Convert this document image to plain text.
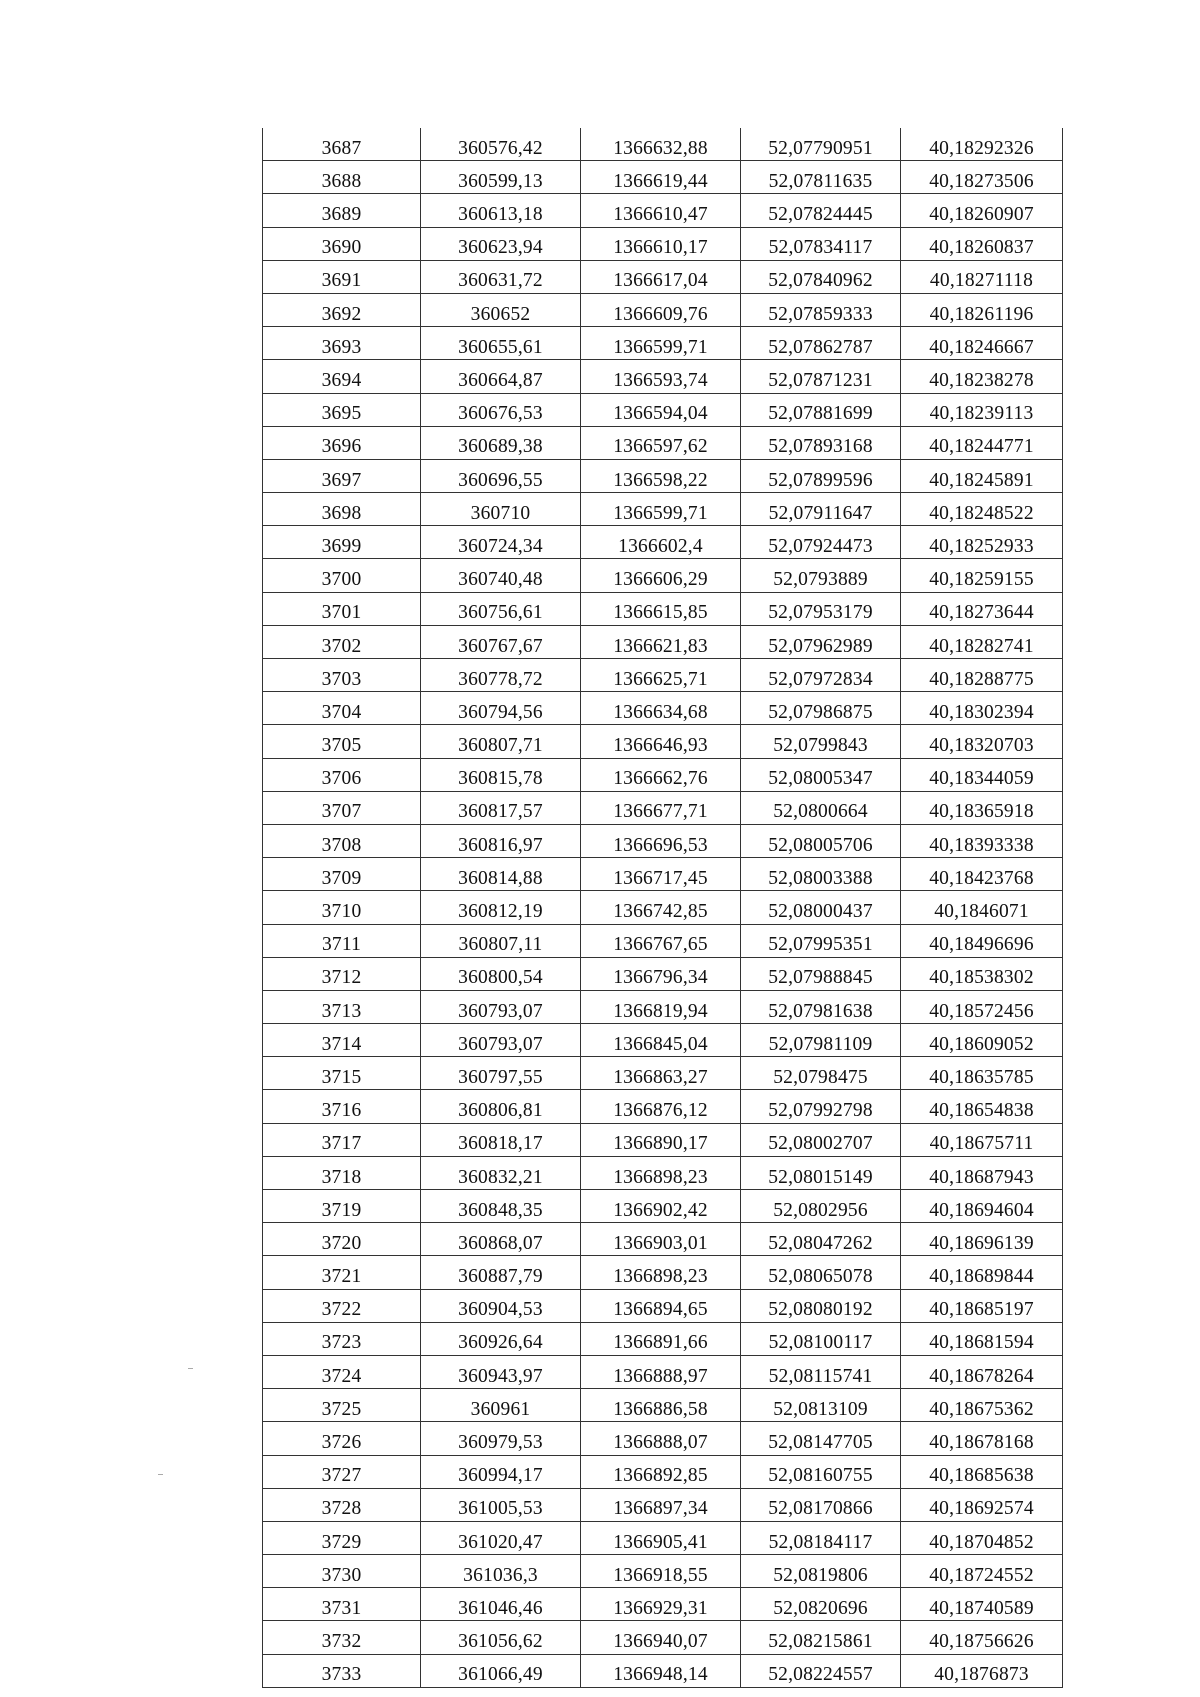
3687	360576,42	1366632,88	52,07790951	40,18292326
3688	360599,13	1366619,44	52,07811635	40,18273506
3689	360613,18	1366610,47	52,07824445	40,18260907
3690	360623,94	1366610,17	52,07834117	40,18260837
3691	360631,72	1366617,04	52,07840962	40,18271118
3692	360652	1366609,76	52,07859333	40,18261196
3693	360655,61	1366599,71	52,07862787	40,18246667
3694	360664,87	1366593,74	52,07871231	40,18238278
3695	360676,53	1366594,04	52,07881699	40,18239113
3696	360689,38	1366597,62	52,07893168	40,18244771
3697	360696,55	1366598,22	52,07899596	40,18245891
3698	360710	1366599,71	52,07911647	40,18248522
3699	360724,34	1366602,4	52,07924473	40,18252933
3700	360740,48	1366606,29	52,0793889	40,18259155
3701	360756,61	1366615,85	52,07953179	40,18273644
3702	360767,67	1366621,83	52,07962989	40,18282741
3703	360778,72	1366625,71	52,07972834	40,18288775
3704	360794,56	1366634,68	52,07986875	40,18302394
3705	360807,71	1366646,93	52,0799843	40,18320703
3706	360815,78	1366662,76	52,08005347	40,18344059
3707	360817,57	1366677,71	52,0800664	40,18365918
3708	360816,97	1366696,53	52,08005706	40,18393338
3709	360814,88	1366717,45	52,08003388	40,18423768
3710	360812,19	1366742,85	52,08000437	40,1846071
3711	360807,11	1366767,65	52,07995351	40,18496696
3712	360800,54	1366796,34	52,07988845	40,18538302
3713	360793,07	1366819,94	52,07981638	40,18572456
3714	360793,07	1366845,04	52,07981109	40,18609052
3715	360797,55	1366863,27	52,0798475	40,18635785
3716	360806,81	1366876,12	52,07992798	40,18654838
3717	360818,17	1366890,17	52,08002707	40,18675711
3718	360832,21	1366898,23	52,08015149	40,18687943
3719	360848,35	1366902,42	52,0802956	40,18694604
3720	360868,07	1366903,01	52,08047262	40,18696139
3721	360887,79	1366898,23	52,08065078	40,18689844
3722	360904,53	1366894,65	52,08080192	40,18685197
3723	360926,64	1366891,66	52,08100117	40,18681594
3724	360943,97	1366888,97	52,08115741	40,18678264
3725	360961	1366886,58	52,0813109	40,18675362
3726	360979,53	1366888,07	52,08147705	40,18678168
3727	360994,17	1366892,85	52,08160755	40,18685638
3728	361005,53	1366897,34	52,08170866	40,18692574
3729	361020,47	1366905,41	52,08184117	40,18704852
3730	361036,3	1366918,55	52,0819806	40,18724552
3731	361046,46	1366929,31	52,0820696	40,18740589
3732	361056,62	1366940,07	52,08215861	40,18756626
3733	361066,49	1366948,14	52,08224557	40,1876873
